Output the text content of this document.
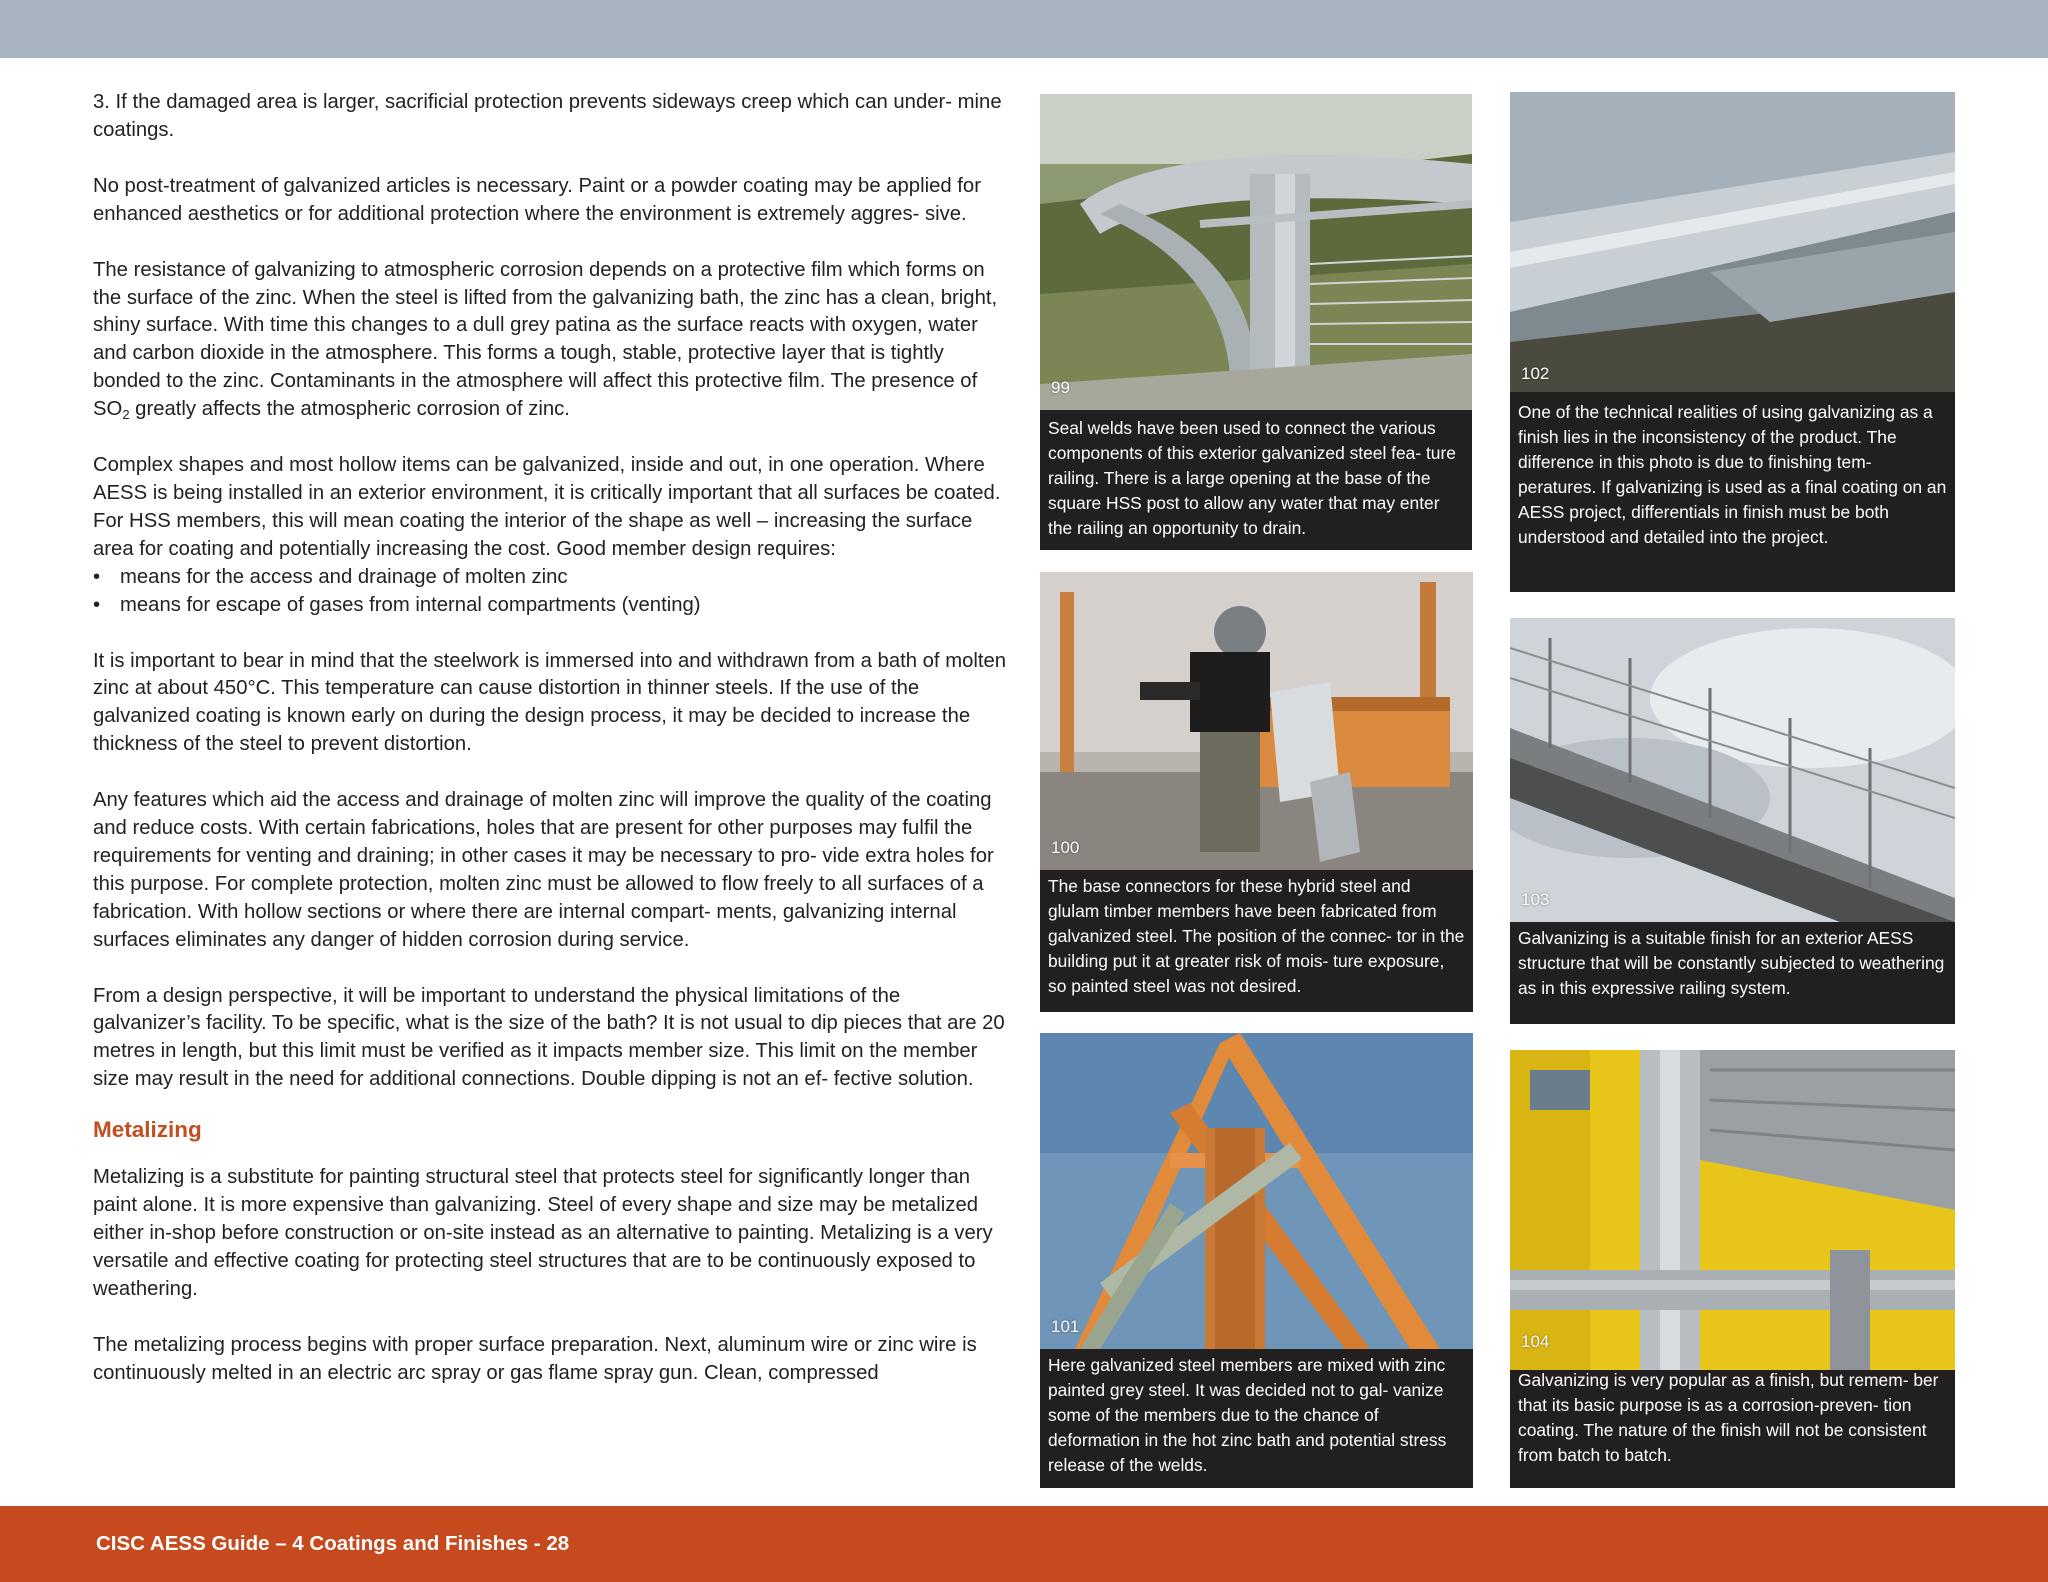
3. If the damaged area is larger, sacrificial protection prevents sideways creep which can under- mine coatings.

No post-treatment of galvanized articles is necessary. Paint or a powder coating may be applied for enhanced aesthetics or for additional protection where the environment is extremely aggres- sive.

The resistance of galvanizing to atmospheric corrosion depends on a protective film which forms on the surface of the zinc. When the steel is lifted from the galvanizing bath, the zinc has a clean, bright, shiny surface. With time this changes to a dull grey patina as the surface reacts with oxygen, water and carbon dioxide in the atmosphere. This forms a tough, stable, protective layer that is tightly bonded to the zinc. Contaminants in the atmosphere will affect this protective film. The presence of $SO_2$ greatly affects the atmospheric corrosion of zinc.

Complex shapes and most hollow items can be galvanized, inside and out, in one operation. Where AESS is being installed in an exterior environment, it is critically important that all surfaces be coated. For HSS members, this will mean coating the interior of the shape as well – increasing the surface area for coating and potentially increasing the cost. Good member design requires:

• means for the access and drainage of molten zinc
• means for escape of gases from internal compartments (venting)

It is important to bear in mind that the steelwork is immersed into and withdrawn from a bath of molten zinc at about 450°C. This temperature can cause distortion in thinner steels. If the use of the galvanized coating is known early on during the design process, it may be decided to increase the thickness of the steel to prevent distortion.

Any features which aid the access and drainage of molten zinc will improve the quality of the coating and reduce costs. With certain fabrications, holes that are present for other purposes may fulfil the requirements for venting and draining; in other cases it may be necessary to pro- vide extra holes for this purpose. For complete protection, molten zinc must be allowed to flow freely to all surfaces of a fabrication. With hollow sections or where there are internal compart- ments, galvanizing internal surfaces eliminates any danger of hidden corrosion during service.

From a design perspective, it will be important to understand the physical limitations of the galvanizer’s facility. To be specific, what is the size of the bath? It is not usual to dip pieces that are 20 metres in length, but this limit must be verified as it impacts member size. This limit on the member size may result in the need for additional connections. Double dipping is not an ef- fective solution.

Metalizing

Metalizing is a substitute for painting structural steel that protects steel for significantly longer than paint alone. It is more expensive than galvanizing. Steel of every shape and size may be metalized either in-shop before construction or on-site instead as an alternative to painting. Metalizing is a very versatile and effective coating for protecting steel structures that are to be continuously exposed to weathering.

The metalizing process begins with proper surface preparation. Next, aluminum wire or zinc wire is continuously melted in an electric arc spray or gas flame spray gun. Clean, compressed

99
Seal welds have been used to connect the various components of this exterior galvanized steel fea- ture railing. There is a large opening at the base of the square HSS post to allow any water that may enter the railing an opportunity to drain.
100
The base connectors for these hybrid steel and glulam timber members have been fabricated from galvanized steel. The position of the connec- tor in the building put it at greater risk of mois- ture exposure, so painted steel was not desired.
101
Here galvanized steel members are mixed with zinc painted grey steel. It was decided not to gal- vanize some of the members due to the chance of deformation in the hot zinc bath and potential stress release of the welds.
102
One of the technical realities of using galvanizing as a finish lies in the inconsistency of the product. The difference in this photo is due to finishing tem- peratures. If galvanizing is used as a final coating on an AESS project, differentials in finish must be both understood and detailed into the project.
103
Galvanizing is a suitable finish for an exterior AESS structure that will be constantly subjected to weathering as in this expressive railing system.
104
Galvanizing is very popular as a finish, but remem- ber that its basic purpose is as a corrosion-preven- tion coating. The nature of the finish will not be consistent from batch to batch.
CISC AESS Guide – 4 Coatings and Finishes - 28
